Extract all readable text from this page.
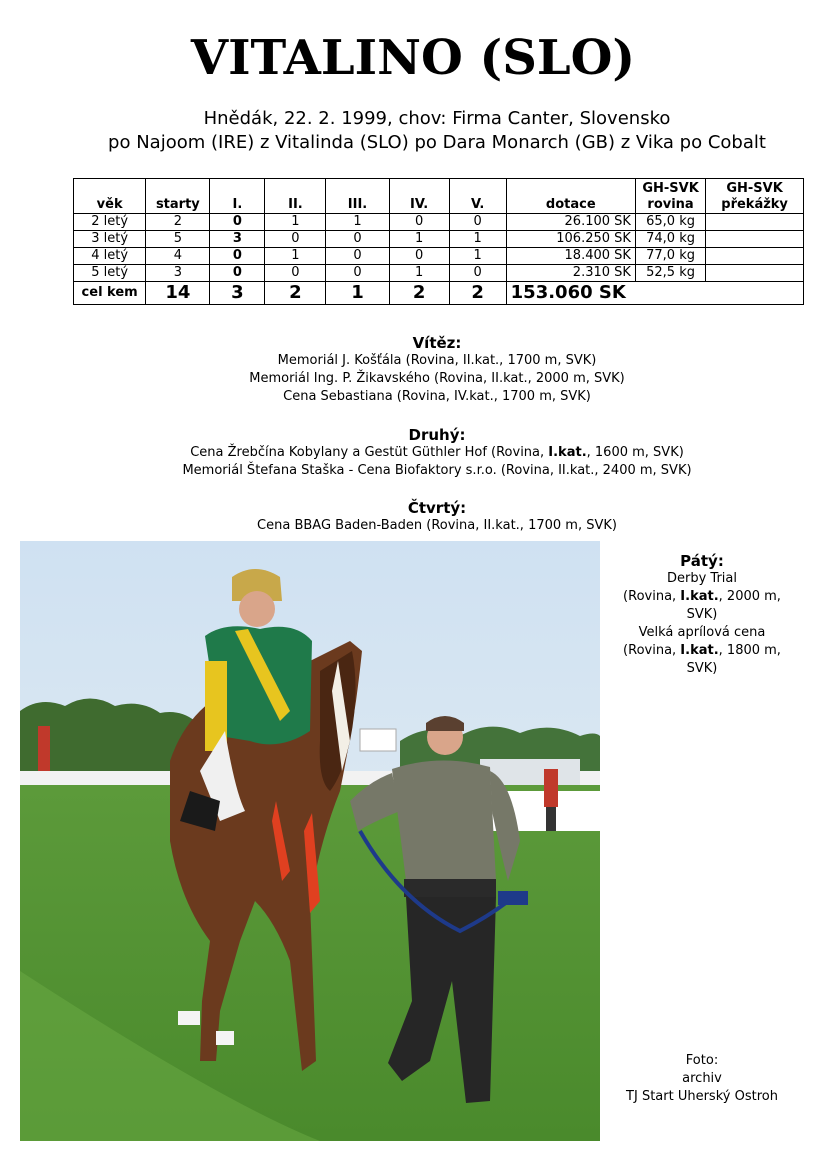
VITALINO (SLO)
Hnědák, 22. 2. 1999, chov: Firma Canter, Slovensko
po Najoom (IRE) z Vitalinda (SLO) po Dara Monarch (GB) z Vika po Cobalt
věk	starty	I.	II.	III.	IV.	V.	dotace	GH-SVK rovina	GH-SVK překážky
2 letý	2	0	1	1	0	0	26.100 SK	65,0 kg	
3 letý	5	3	0	0	1	1	106.250 SK	74,0 kg	
4 letý	4	0	1	0	0	1	18.400 SK	77,0 kg	
5 letý	3	0	0	0	1	0	2.310 SK	52,5 kg	
cel kem	14	3	2	1	2	2	153.060 SK		
Vítěz:
Memoriál J. Košťála (Rovina, II.kat., 1700 m, SVK)
Memoriál Ing. P. Žikavského (Rovina, II.kat., 2000 m, SVK)
Cena Sebastiana (Rovina, IV.kat., 1700 m, SVK)
Druhý:
Cena Žrebčína Kobylany a Gestüt Güthler Hof (Rovina, I.kat., 1600 m, SVK)
Memoriál Štefana Staška - Cena Biofaktory s.r.o. (Rovina, II.kat., 2400 m, SVK)
Čtvrtý:
Cena BBAG Baden-Baden (Rovina, II.kat., 1700 m, SVK)
Pátý:
Derby Trial
(Rovina, I.kat., 2000 m, SVK)
Velká aprílová cena
(Rovina, I.kat., 1800 m, SVK)
Foto:
archiv
TJ Start Uherský Ostroh
